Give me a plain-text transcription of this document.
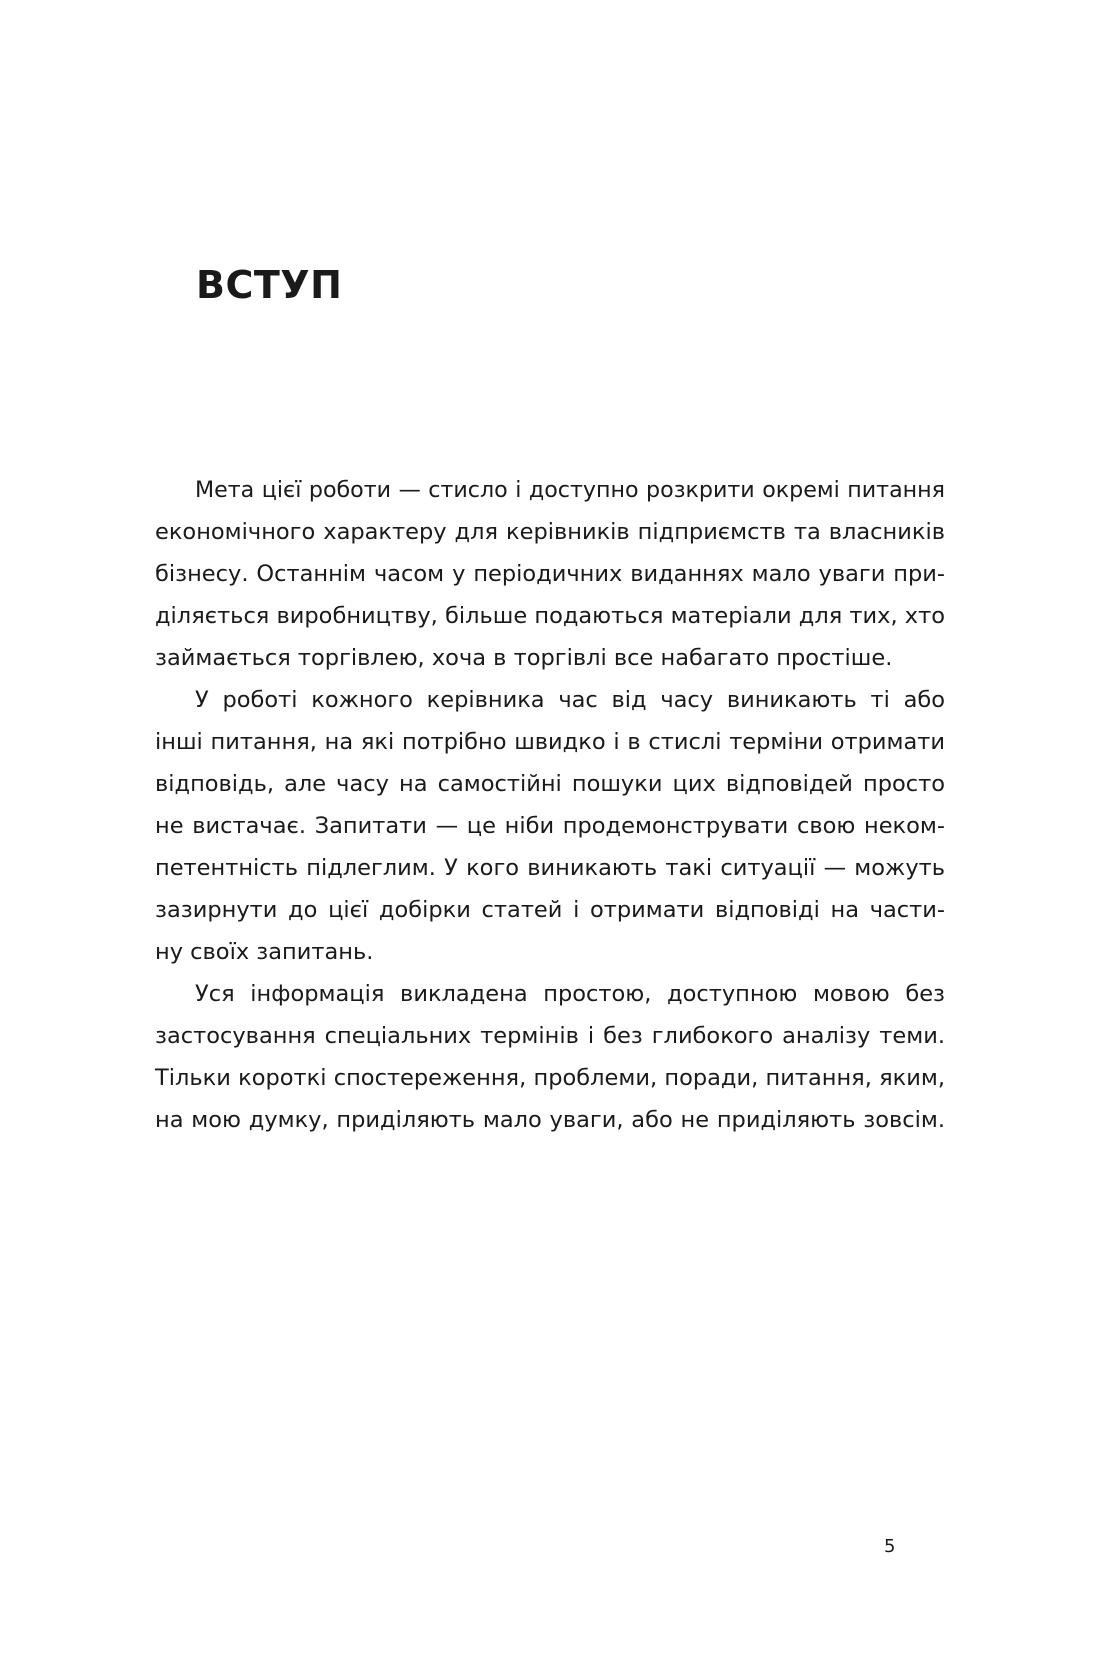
ВСТУП

Мета цієї роботи — стисло і доступно розкрити окремі питання
економічного характеру для керівників підприємств та власників
бізнесу. Останнім часом у періодичних виданнях мало уваги при-
діляється виробництву, більше подаються матеріали для тих, хто
займається торгівлею, хоча в торгівлі все набагато простіше.

У роботі кожного керівника час від часу виникають ті або
інші питання, на які потрібно швидко і в стислі терміни отримати
відповідь, але часу на самостійні пошуки цих відповідей просто
не вистачає. Запитати — це ніби продемонструвати свою неком-
петентність підлеглим. У кого виникають такі ситуації — можуть
зазирнути до цієї добірки статей і отримати відповіді на части-
ну своїх запитань.

Уся інформація викладена простою, доступною мовою без
застосування спеціальних термінів і без глибокого аналізу теми.
Тільки короткі спостереження, проблеми, поради, питання, яким,
на мою думку, приділяють мало уваги, або не приділяють зовсім.

5
